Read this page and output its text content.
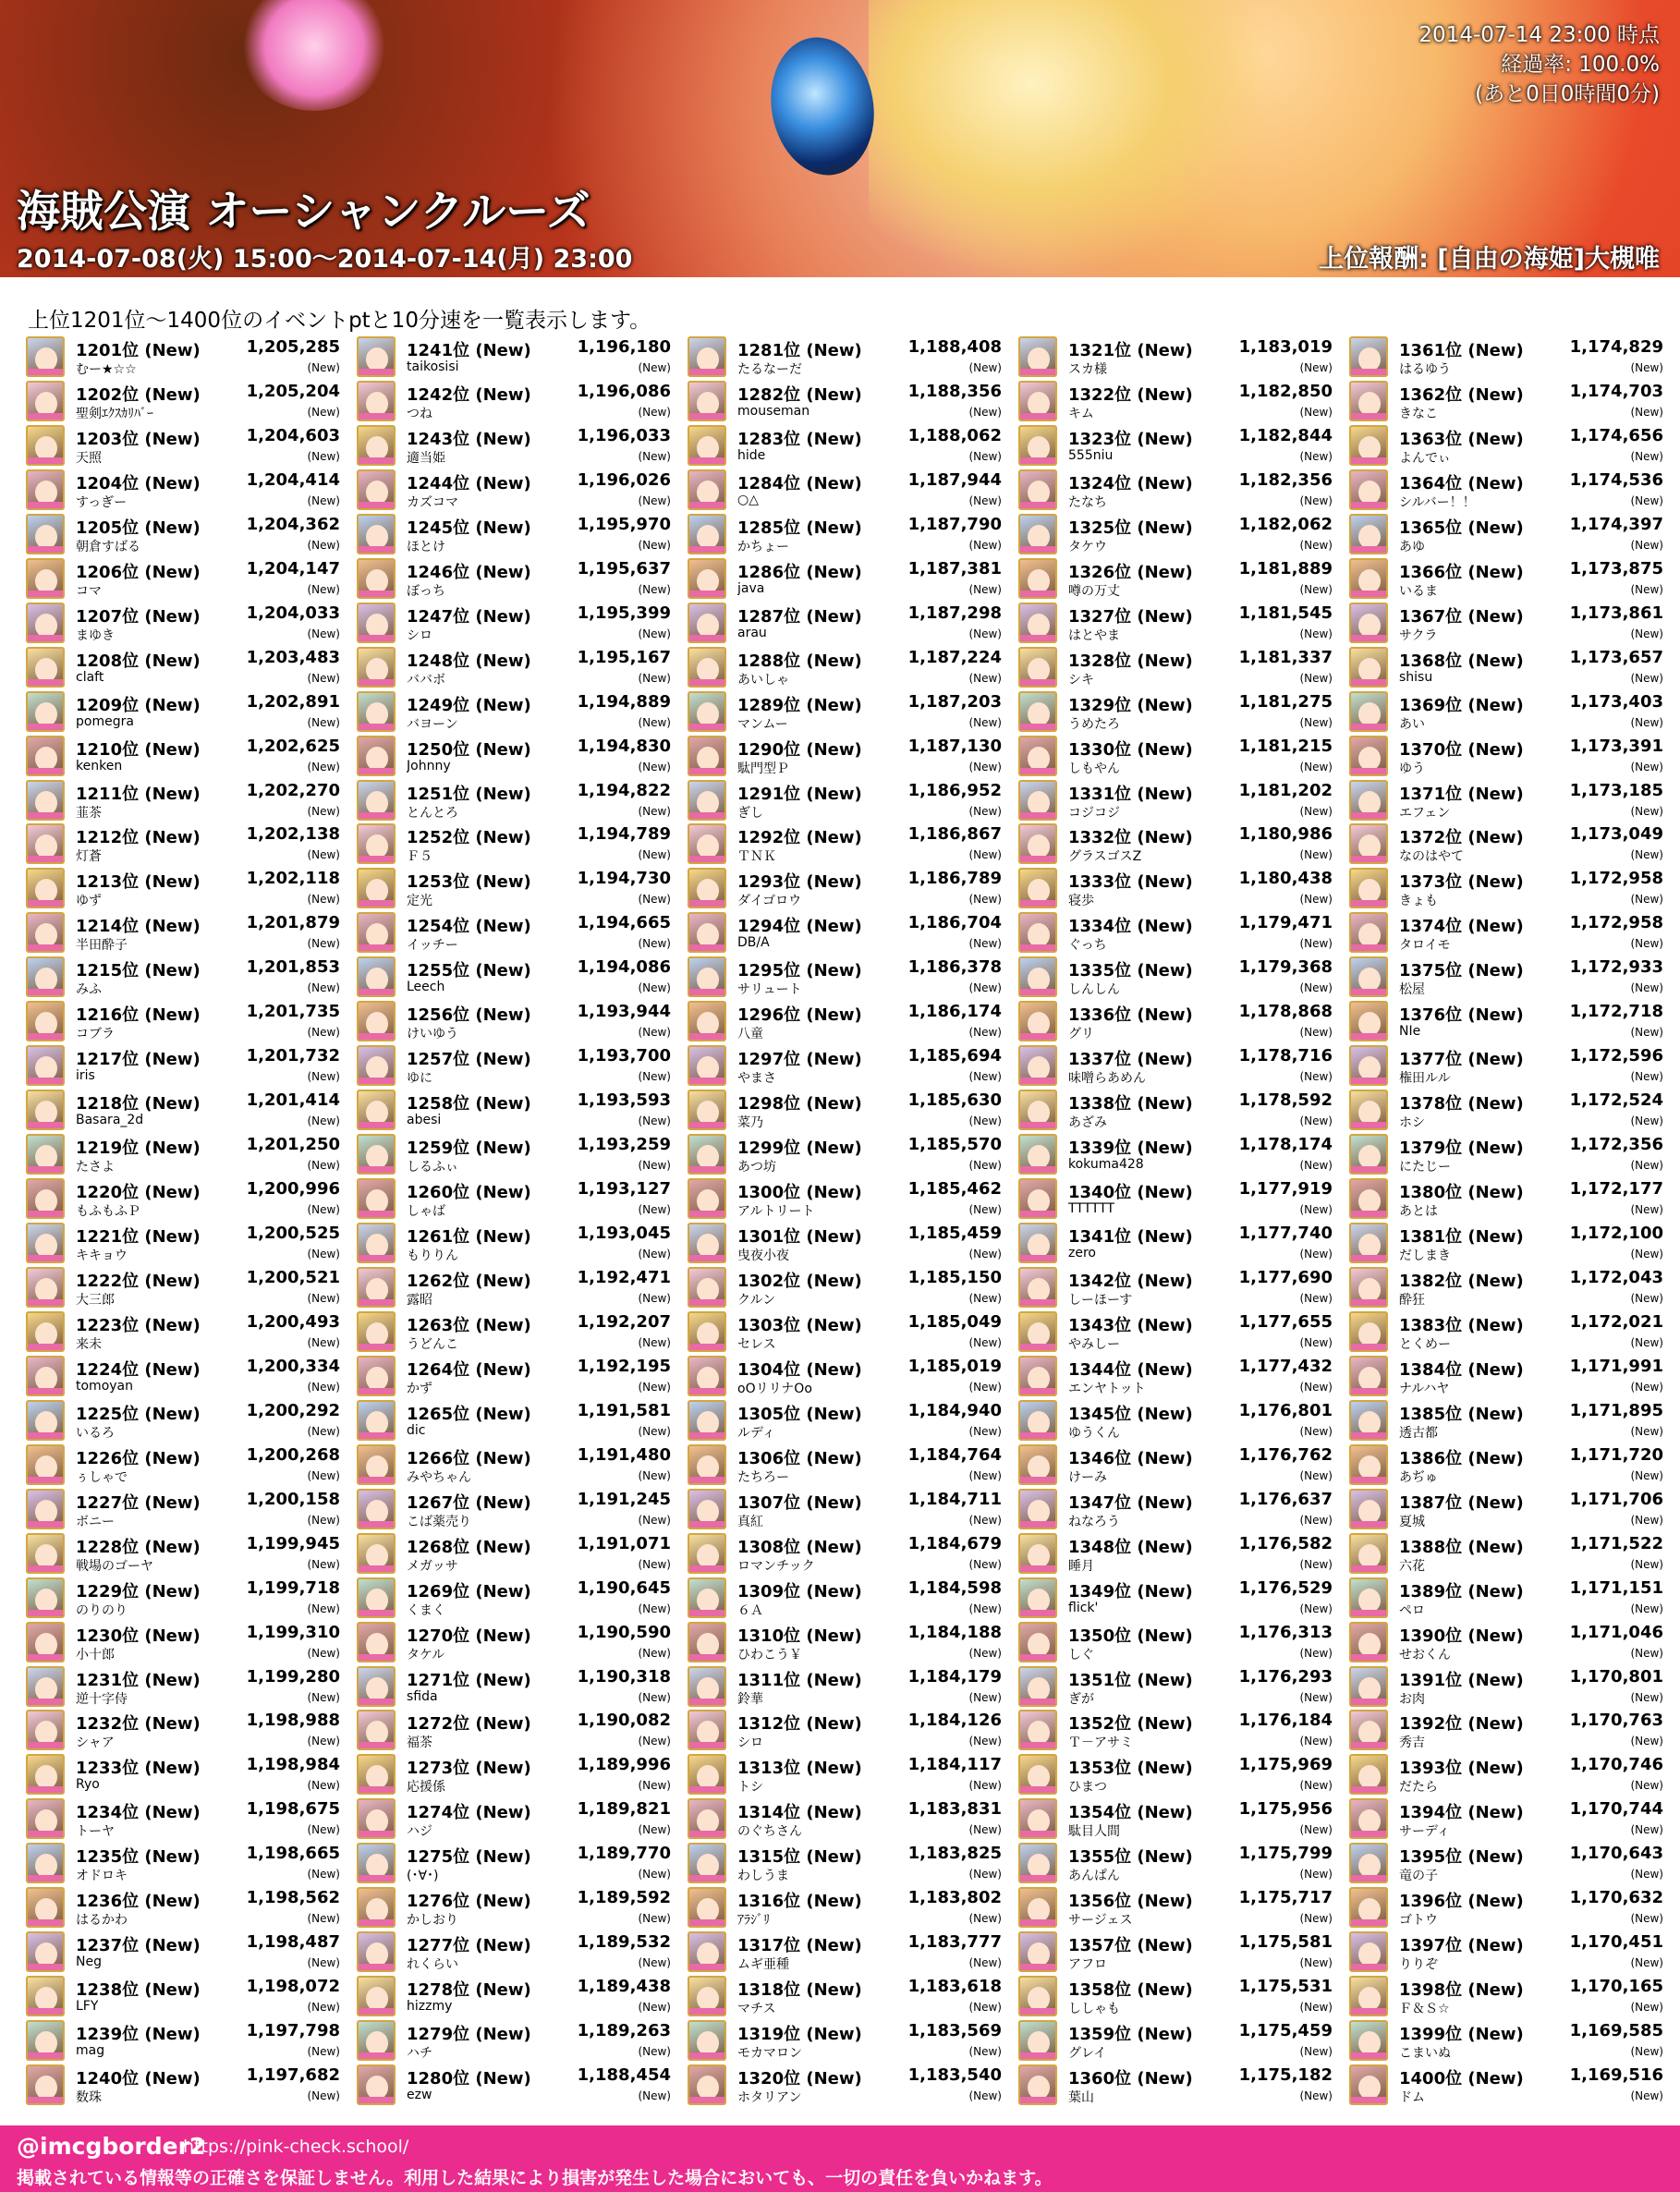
2014-07-14 23:00 時点
経過率: 100.0%
(あと0日0時間0分)
海賊公演 オーシャンクルーズ
2014-07-08(火) 15:00～2014-07-14(月) 23:00	上位報酬: [自由の海姫]大槻唯
上位1201位～1400位のイベントptと10分速を一覧表示します。
1201位 (New)	1,205,285
むー★☆☆	(New)
1202位 (New)	1,205,204
聖剣ｴｸｽｶﾘﾊﾞｰ	(New)
1203位 (New)	1,204,603
天照	(New)
1204位 (New)	1,204,414
すっぎー	(New)
1205位 (New)	1,204,362
朝倉すばる	(New)
1206位 (New)	1,204,147
コマ	(New)
1207位 (New)	1,204,033
まゆき	(New)
1208位 (New)	1,203,483
claft	(New)
1209位 (New)	1,202,891
pomegra	(New)
1210位 (New)	1,202,625
kenken	(New)
1211位 (New)	1,202,270
韮茶	(New)
1212位 (New)	1,202,138
灯蒼	(New)
1213位 (New)	1,202,118
ゆず	(New)
1214位 (New)	1,201,879
半田酔子	(New)
1215位 (New)	1,201,853
みふ	(New)
1216位 (New)	1,201,735
コブラ	(New)
1217位 (New)	1,201,732
iris	(New)
1218位 (New)	1,201,414
Basara_2d	(New)
1219位 (New)	1,201,250
たさよ	(New)
1220位 (New)	1,200,996
もふもふＰ	(New)
1221位 (New)	1,200,525
キキョウ	(New)
1222位 (New)	1,200,521
大三郎	(New)
1223位 (New)	1,200,493
来未	(New)
1224位 (New)	1,200,334
tomoyan	(New)
1225位 (New)	1,200,292
いるろ	(New)
1226位 (New)	1,200,268
ぅしゃで	(New)
1227位 (New)	1,200,158
ボニー	(New)
1228位 (New)	1,199,945
戦場のゴーヤ	(New)
1229位 (New)	1,199,718
のりのり	(New)
1230位 (New)	1,199,310
小十郎	(New)
1231位 (New)	1,199,280
逆十字侍	(New)
1232位 (New)	1,198,988
シャア	(New)
1233位 (New)	1,198,984
Ryo	(New)
1234位 (New)	1,198,675
トーヤ	(New)
1235位 (New)	1,198,665
オドロキ	(New)
1236位 (New)	1,198,562
はるかわ	(New)
1237位 (New)	1,198,487
Neg	(New)
1238位 (New)	1,198,072
LFY	(New)
1239位 (New)	1,197,798
mag	(New)
1240位 (New)	1,197,682
数珠	(New)
1241位 (New)	1,196,180
taikosisi	(New)
1242位 (New)	1,196,086
つね	(New)
1243位 (New)	1,196,033
適当姫	(New)
1244位 (New)	1,196,026
カズコマ	(New)
1245位 (New)	1,195,970
ほとけ	(New)
1246位 (New)	1,195,637
ぼっち	(New)
1247位 (New)	1,195,399
シロ	(New)
1248位 (New)	1,195,167
ババボ	(New)
1249位 (New)	1,194,889
バヨーン	(New)
1250位 (New)	1,194,830
Johnny	(New)
1251位 (New)	1,194,822
とんとろ	(New)
1252位 (New)	1,194,789
Ｆ５	(New)
1253位 (New)	1,194,730
定光	(New)
1254位 (New)	1,194,665
イッチー	(New)
1255位 (New)	1,194,086
Leech	(New)
1256位 (New)	1,193,944
けいゆう	(New)
1257位 (New)	1,193,700
ゆに	(New)
1258位 (New)	1,193,593
abesi	(New)
1259位 (New)	1,193,259
しるふぃ	(New)
1260位 (New)	1,193,127
しゃば	(New)
1261位 (New)	1,193,045
もりりん	(New)
1262位 (New)	1,192,471
露昭	(New)
1263位 (New)	1,192,207
うどんこ	(New)
1264位 (New)	1,192,195
かず	(New)
1265位 (New)	1,191,581
dic	(New)
1266位 (New)	1,191,480
みやちゃん	(New)
1267位 (New)	1,191,245
こば薬売り	(New)
1268位 (New)	1,191,071
メガッサ	(New)
1269位 (New)	1,190,645
くまく	(New)
1270位 (New)	1,190,590
タケル	(New)
1271位 (New)	1,190,318
sfida	(New)
1272位 (New)	1,190,082
福茶	(New)
1273位 (New)	1,189,996
応援係	(New)
1274位 (New)	1,189,821
ハジ	(New)
1275位 (New)	1,189,770
(･∀･)	(New)
1276位 (New)	1,189,592
かしおり	(New)
1277位 (New)	1,189,532
れくらい	(New)
1278位 (New)	1,189,438
hizzmy	(New)
1279位 (New)	1,189,263
ハチ	(New)
1280位 (New)	1,188,454
ezw	(New)
1281位 (New)	1,188,408
たるなーだ	(New)
1282位 (New)	1,188,356
mouseman	(New)
1283位 (New)	1,188,062
hide	(New)
1284位 (New)	1,187,944
○△	(New)
1285位 (New)	1,187,790
かちょー	(New)
1286位 (New)	1,187,381
java	(New)
1287位 (New)	1,187,298
arau	(New)
1288位 (New)	1,187,224
あいしゃ	(New)
1289位 (New)	1,187,203
マンムー	(New)
1290位 (New)	1,187,130
駄門型Ｐ	(New)
1291位 (New)	1,186,952
ぎし	(New)
1292位 (New)	1,186,867
ＴＮＫ	(New)
1293位 (New)	1,186,789
ダイゴロウ	(New)
1294位 (New)	1,186,704
DB/A	(New)
1295位 (New)	1,186,378
サリュート	(New)
1296位 (New)	1,186,174
八童	(New)
1297位 (New)	1,185,694
やまさ	(New)
1298位 (New)	1,185,630
菜乃	(New)
1299位 (New)	1,185,570
あつ坊	(New)
1300位 (New)	1,185,462
アルトリート	(New)
1301位 (New)	1,185,459
曳夜小夜	(New)
1302位 (New)	1,185,150
クルン	(New)
1303位 (New)	1,185,049
セレス	(New)
1304位 (New)	1,185,019
oOリリナOo	(New)
1305位 (New)	1,184,940
ルディ	(New)
1306位 (New)	1,184,764
たちろー	(New)
1307位 (New)	1,184,711
真紅	(New)
1308位 (New)	1,184,679
ロマンチック	(New)
1309位 (New)	1,184,598
６Ａ	(New)
1310位 (New)	1,184,188
ひわこう￥	(New)
1311位 (New)	1,184,179
鈴華	(New)
1312位 (New)	1,184,126
シロ	(New)
1313位 (New)	1,184,117
トシ	(New)
1314位 (New)	1,183,831
のぐちさん	(New)
1315位 (New)	1,183,825
わしうま	(New)
1316位 (New)	1,183,802
ｱﾗｼﾞﾘ	(New)
1317位 (New)	1,183,777
ムギ亜種	(New)
1318位 (New)	1,183,618
マチス	(New)
1319位 (New)	1,183,569
モカマロン	(New)
1320位 (New)	1,183,540
ホタリアン	(New)
1321位 (New)	1,183,019
スカ様	(New)
1322位 (New)	1,182,850
キム	(New)
1323位 (New)	1,182,844
555niu	(New)
1324位 (New)	1,182,356
たなち	(New)
1325位 (New)	1,182,062
タケウ	(New)
1326位 (New)	1,181,889
噂の万丈	(New)
1327位 (New)	1,181,545
はとやま	(New)
1328位 (New)	1,181,337
シキ	(New)
1329位 (New)	1,181,275
うめたろ	(New)
1330位 (New)	1,181,215
しもやん	(New)
1331位 (New)	1,181,202
コジコジ	(New)
1332位 (New)	1,180,986
グラスゴスZ	(New)
1333位 (New)	1,180,438
寝歩	(New)
1334位 (New)	1,179,471
ぐっち	(New)
1335位 (New)	1,179,368
しんしん	(New)
1336位 (New)	1,178,868
グリ	(New)
1337位 (New)	1,178,716
味噌らあめん	(New)
1338位 (New)	1,178,592
あざみ	(New)
1339位 (New)	1,178,174
kokuma428	(New)
1340位 (New)	1,177,919
TTTTTT	(New)
1341位 (New)	1,177,740
zero	(New)
1342位 (New)	1,177,690
しーほーす	(New)
1343位 (New)	1,177,655
やみしー	(New)
1344位 (New)	1,177,432
エンヤトット	(New)
1345位 (New)	1,176,801
ゆうくん	(New)
1346位 (New)	1,176,762
けーみ	(New)
1347位 (New)	1,176,637
ねなろう	(New)
1348位 (New)	1,176,582
睡月	(New)
1349位 (New)	1,176,529
flick'	(New)
1350位 (New)	1,176,313
しぐ	(New)
1351位 (New)	1,176,293
ぎが	(New)
1352位 (New)	1,176,184
Ｔ－アサミ	(New)
1353位 (New)	1,175,969
ひまつ	(New)
1354位 (New)	1,175,956
駄目人間	(New)
1355位 (New)	1,175,799
あんぱん	(New)
1356位 (New)	1,175,717
サージェス	(New)
1357位 (New)	1,175,581
アフロ	(New)
1358位 (New)	1,175,531
ししゃも	(New)
1359位 (New)	1,175,459
グレイ	(New)
1360位 (New)	1,175,182
葉山	(New)
1361位 (New)	1,174,829
はるゆう	(New)
1362位 (New)	1,174,703
きなこ	(New)
1363位 (New)	1,174,656
よんでぃ	(New)
1364位 (New)	1,174,536
シルバー！！	(New)
1365位 (New)	1,174,397
あゆ	(New)
1366位 (New)	1,173,875
いるま	(New)
1367位 (New)	1,173,861
サクラ	(New)
1368位 (New)	1,173,657
shisu	(New)
1369位 (New)	1,173,403
あい	(New)
1370位 (New)	1,173,391
ゆう	(New)
1371位 (New)	1,173,185
エフェン	(New)
1372位 (New)	1,173,049
なのはやて	(New)
1373位 (New)	1,172,958
きょも	(New)
1374位 (New)	1,172,958
タロイモ	(New)
1375位 (New)	1,172,933
松屋	(New)
1376位 (New)	1,172,718
NIe	(New)
1377位 (New)	1,172,596
権田ルル	(New)
1378位 (New)	1,172,524
ホシ	(New)
1379位 (New)	1,172,356
にたじー	(New)
1380位 (New)	1,172,177
あとは	(New)
1381位 (New)	1,172,100
だしまき	(New)
1382位 (New)	1,172,043
酔狂	(New)
1383位 (New)	1,172,021
とくめー	(New)
1384位 (New)	1,171,991
ナルハヤ	(New)
1385位 (New)	1,171,895
透古都	(New)
1386位 (New)	1,171,720
あぢゅ	(New)
1387位 (New)	1,171,706
夏城	(New)
1388位 (New)	1,171,522
六花	(New)
1389位 (New)	1,171,151
ペロ	(New)
1390位 (New)	1,171,046
せおくん	(New)
1391位 (New)	1,170,801
お肉	(New)
1392位 (New)	1,170,763
秀吉	(New)
1393位 (New)	1,170,746
だたら	(New)
1394位 (New)	1,170,744
サーディ	(New)
1395位 (New)	1,170,643
竜の子	(New)
1396位 (New)	1,170,632
ゴトウ	(New)
1397位 (New)	1,170,451
りりぞ	(New)
1398位 (New)	1,170,165
Ｆ＆Ｓ☆	(New)
1399位 (New)	1,169,585
こまいぬ	(New)
1400位 (New)	1,169,516
ドム	(New)
@imcgborder2
https://pink-check.school/
掲載されている情報等の正確さを保証しません。利用した結果により損害が発生した場合においても、一切の責任を負いかねます。
